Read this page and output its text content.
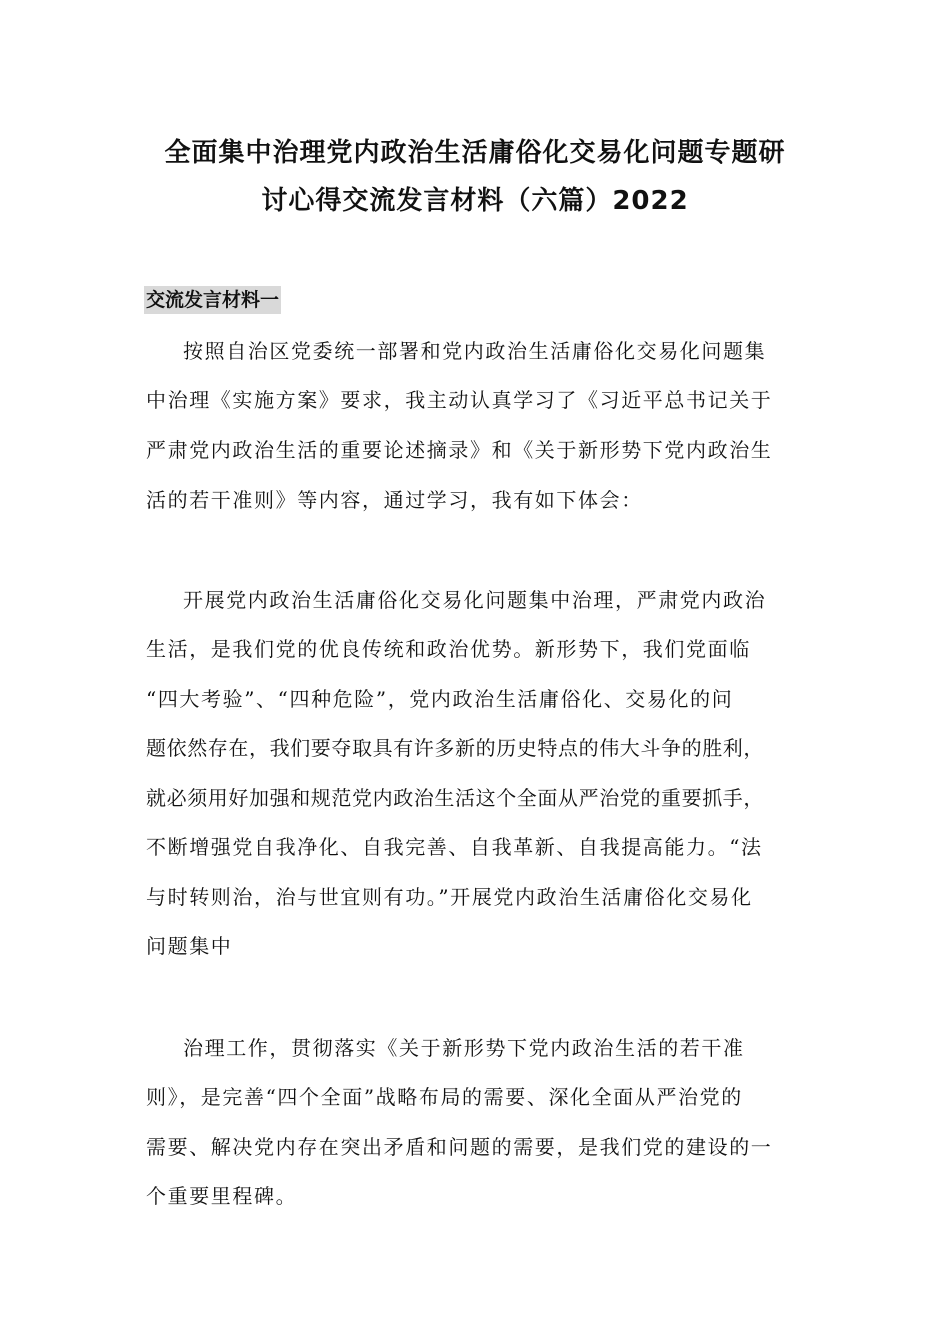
全面集中治理党内政治生活庸俗化交易化问题专题研
讨心得交流发言材料（六篇）2022
交流发言材料一
按照自治区党委统一部署和党内政治生活庸俗化交易化问题集
中治理《实施方案》要求，我主动认真学习了《习近平总书记关于
严肃党内政治生活的重要论述摘录》和《关于新形势下党内政治生
活的若干准则》等内容，通过学习，我有如下体会：
开展党内政治生活庸俗化交易化问题集中治理，严肃党内政治
生活，是我们党的优良传统和政治优势。新形势下，我们党面临
“四大考验”、“四种危险”，党内政治生活庸俗化、交易化的问
题依然存在，我们要夺取具有许多新的历史特点的伟大斗争的胜利，
就必须用好加强和规范党内政治生活这个全面从严治党的重要抓手，
不断增强党自我净化、自我完善、自我革新、自我提高能力。“法
与时转则治，治与世宜则有功。”开展党内政治生活庸俗化交易化
问题集中
治理工作，贯彻落实《关于新形势下党内政治生活的若干准
则》，是完善“四个全面”战略布局的需要、深化全面从严治党的
需要、解决党内存在突出矛盾和问题的需要，是我们党的建设的一
个重要里程碑。
